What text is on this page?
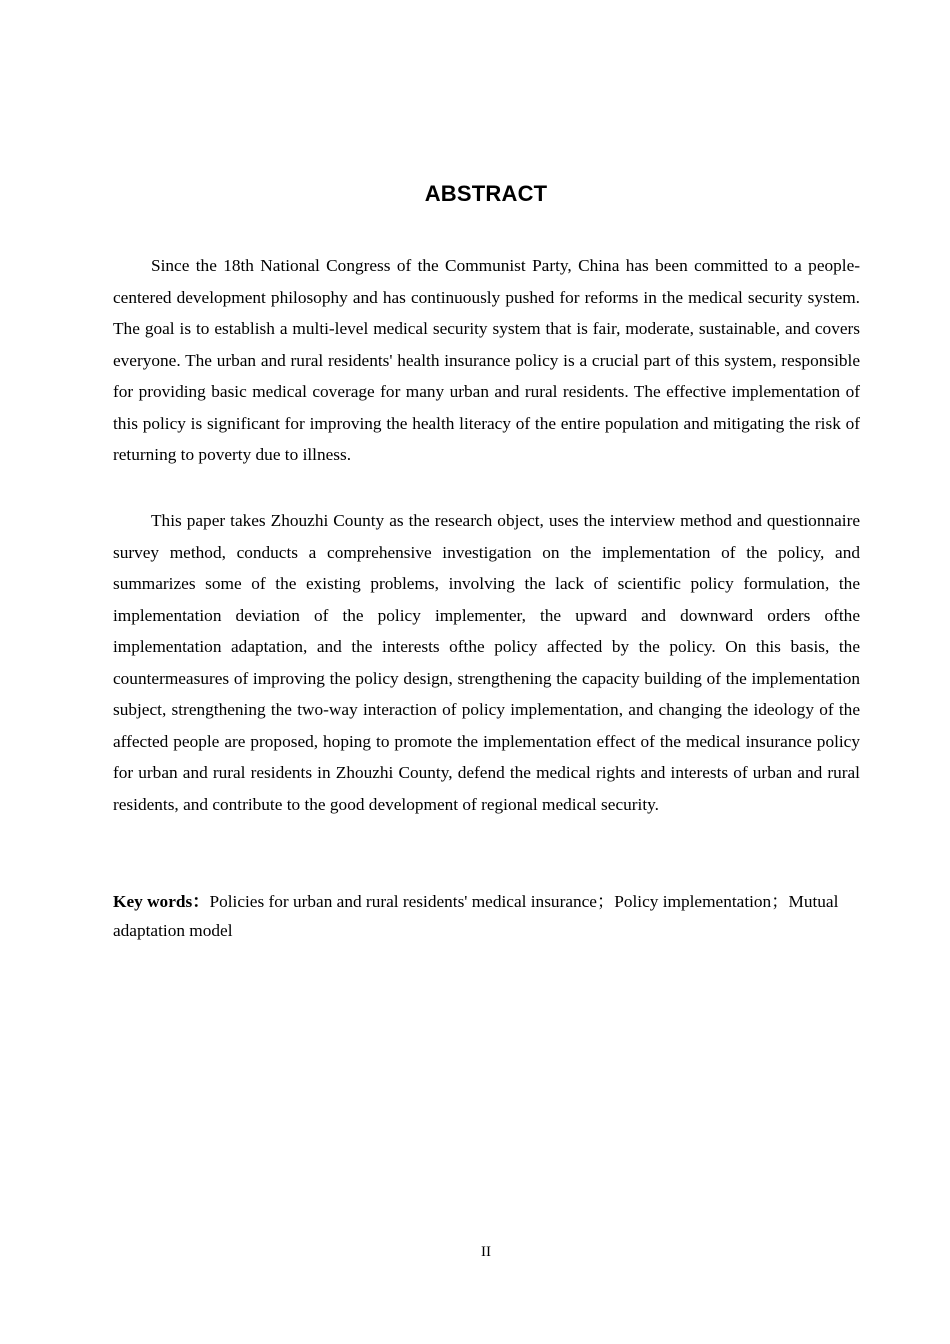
ABSTRACT

Since the 18th National Congress of the Communist Party, China has been committed to a people-centered development philosophy and has continuously pushed for reforms in the medical security system. The goal is to establish a multi-level medical security system that is fair, moderate, sustainable, and covers everyone. The urban and rural residents' health insurance policy is a crucial part of this system, responsible for providing basic medical coverage for many urban and rural residents. The effective implementation of this policy is significant for improving the health literacy of the entire population and mitigating the risk of returning to poverty due to illness.

This paper takes Zhouzhi County as the research object, uses the interview method and questionnaire survey method, conducts a comprehensive investigation on the implementation of the policy, and summarizes some of the existing problems, involving the lack of scientific policy formulation, the implementation deviation of the policy implementer, the upward and downward orders ofthe implementation adaptation, and the interests ofthe policy affected by the policy. On this basis, the countermeasures of improving the policy design, strengthening the capacity building of the implementation subject, strengthening the two-way interaction of policy implementation, and changing the ideology of the affected people are proposed, hoping to promote the implementation effect of the medical insurance policy for urban and rural residents in Zhouzhi County, defend the medical rights and interests of urban and rural residents, and contribute to the good development of regional medical security.

Key words：Policies for urban and rural residents' medical insurance；Policy implementation；Mutual adaptation model

II
